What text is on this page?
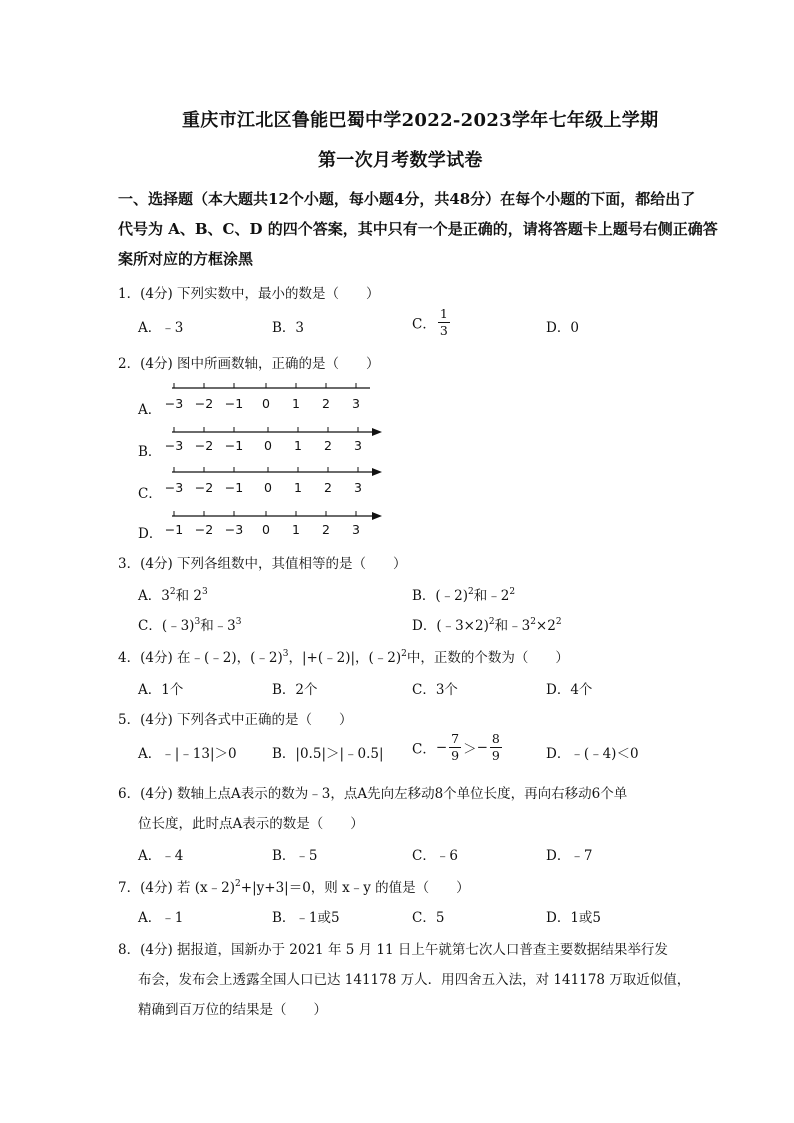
重庆市江北区鲁能巴蜀中学2022-2023学年七年级上学期
第一次月考数学试卷
一、选择题（本大题共12个小题，每小题4分，共48分）在每个小题的下面，都给出了
代号为 A、B、C、D 的四个答案，其中只有一个是正确的，请将答题卡上题号右侧正确答
案所对应的方框涂黑
1．(4分) 下列实数中，最小的数是（　　）
A．﹣3	B．3	C． $\frac{1}{3}$	D．0
2．(4分) 图中所画数轴，正确的是（　　）
A． −3 −2 −1 0 1 2 3
B． −3 −2 −1 0 1 2 3
C． −3 −2 −1 0 1 2 3
D． −1 −2 −3 0 1 2 3
3．(4分) 下列各组数中，其值相等的是（　　）
A．$3^2$和 $2^3$	B．(﹣2)$^2$和$﹣2^2$
C．(﹣3)$^3$和$﹣3^3$	D．(﹣3×2)$^2$和$﹣3^2\times 2^2$
4．(4分) 在﹣(﹣2)，(﹣2)$^3$，|+(﹣2)|，(﹣2)$^2$中，正数的个数为（　　）
A．1个	B．2个	C．3个	D．4个
5．(4分) 下列各式中正确的是（　　）
A．﹣|﹣13|＞0	B．|0.5|＞|﹣0.5| C．− $\frac{7}{9} >- \frac{8}{9}$	D．﹣(﹣4)＜0
6．(4分) 数轴上点A表示的数为﹣3，点A先向左移动8个单位长度，再向右移动6个单
位长度，此时点A表示的数是（　　）
A．﹣4	B．﹣5	C．﹣6	D．﹣7
7．(4分) 若 (x﹣2)$^2$+|y+3|＝0，则 x﹣y 的值是（　　）
A．﹣1	B．﹣1或5	C．5	D．1或5
8．(4分) 据报道，国新办于 2021 年 5 月 11 日上午就第七次人口普查主要数据结果举行发
布会，发布会上透露全国人口已达 141178 万人．用四舍五入法，对 141178 万取近似值，
精确到百万位的结果是（　　）
